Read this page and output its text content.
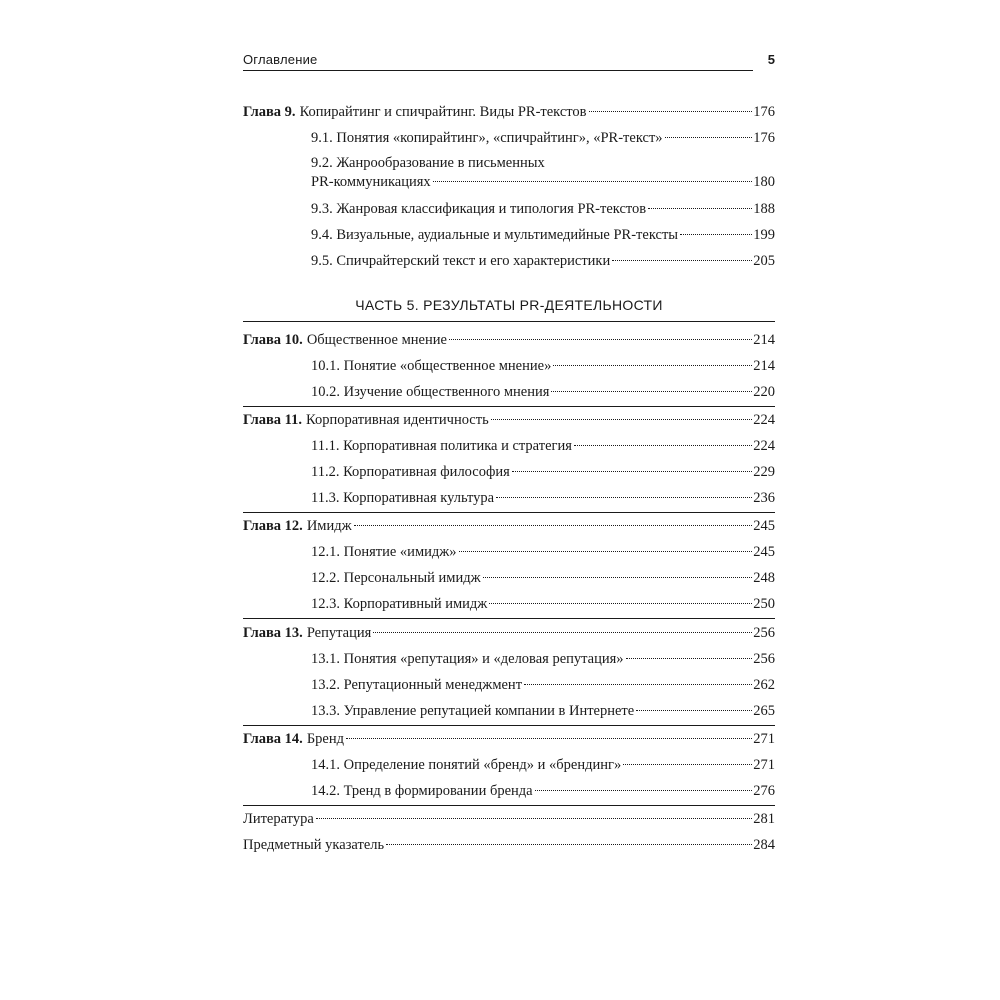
Оглавление	5
Глава 9. Копирайтинг и спичрайтинг. Виды PR-текстов	176
9.1. Понятия «копирайтинг», «спичрайтинг», «PR-текст»	176
9.2. Жанрообразование в письменных
PR-коммуникациях	180
9.3. Жанровая классификация и типология PR-текстов	188
9.4. Визуальные, аудиальные и мультимедийные PR-тексты	199
9.5. Спичрайтерский текст и его характеристики	205
ЧАСТЬ 5. РЕЗУЛЬТАТЫ PR-ДЕЯТЕЛЬНОСТИ
Глава 10. Общественное мнение	214
10.1. Понятие «общественное мнение»	214
10.2. Изучение общественного мнения	220
Глава 11. Корпоративная идентичность	224
11.1. Корпоративная политика и стратегия	224
11.2. Корпоративная философия	229
11.3. Корпоративная культура	236
Глава 12. Имидж	245
12.1. Понятие «имидж»	245
12.2. Персональный имидж	248
12.3. Корпоративный имидж	250
Глава 13. Репутация	256
13.1. Понятия «репутация» и «деловая репутация»	256
13.2. Репутационный менеджмент	262
13.3. Управление репутацией компании в Интернете	265
Глава 14. Бренд	271
14.1. Определение понятий «бренд» и «брендинг»	271
14.2. Тренд в формировании бренда	276
Литература	281
Предметный указатель	284
